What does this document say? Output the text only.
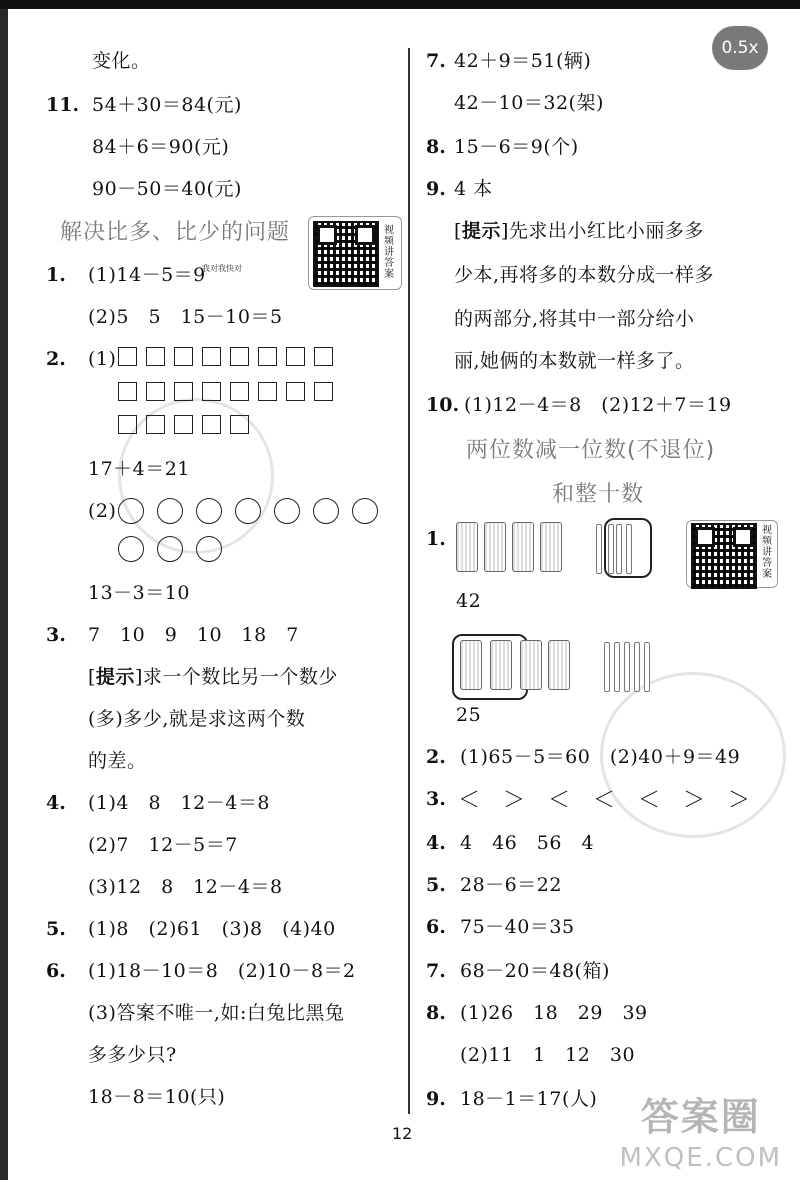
0.5x
变化。
11. 54＋30＝84(元)
84＋6＝90(元)
90－50＝40(元)
解决比多、比少的问题	视频讲答案
1. (1)14－5＝9
我对我快对
(2)5　5　15－10＝5
2. (1)
17＋4＝21
(2)
13－3＝10
3. 7　10　9　10　18　7
[提示]求一个数比另一个数少
(多)多少,就是求这两个数
的差。
4. (1)4　8　12－4＝8
(2)7　12－5＝7
(3)12　8　12－4＝8
5. (1)8　(2)61　(3)8　(4)40
6. (1)18－10＝8　(2)10－8＝2
(3)答案不唯一,如:白兔比黑兔
多多少只?
18－8＝10(只)
7. 42＋9＝51(辆)
42－10＝32(架)
8. 15－6＝9(个)
9. 4 本
[提示]先求出小红比小丽多多
少本,再将多的本数分成一样多
的两部分,将其中一部分给小
丽,她俩的本数就一样多了。
10. (1)12－4＝8　(2)12＋7＝19
两位数减一位数(不退位)
和整十数
视频讲答案
1.
42
25
2. (1)65－5＝60　(2)40＋9＝49
3. ＜　＞　＜　＜　＜　＞　＞
4. 4　46　56　4
5. 28－6＝22
6. 75－40＝35
7. 68－20＝48(箱)
8. (1)26　18　29　39
(2)11　1　12　30
9. 18－1＝17(人)
12	答案圈
MXQE.COM
